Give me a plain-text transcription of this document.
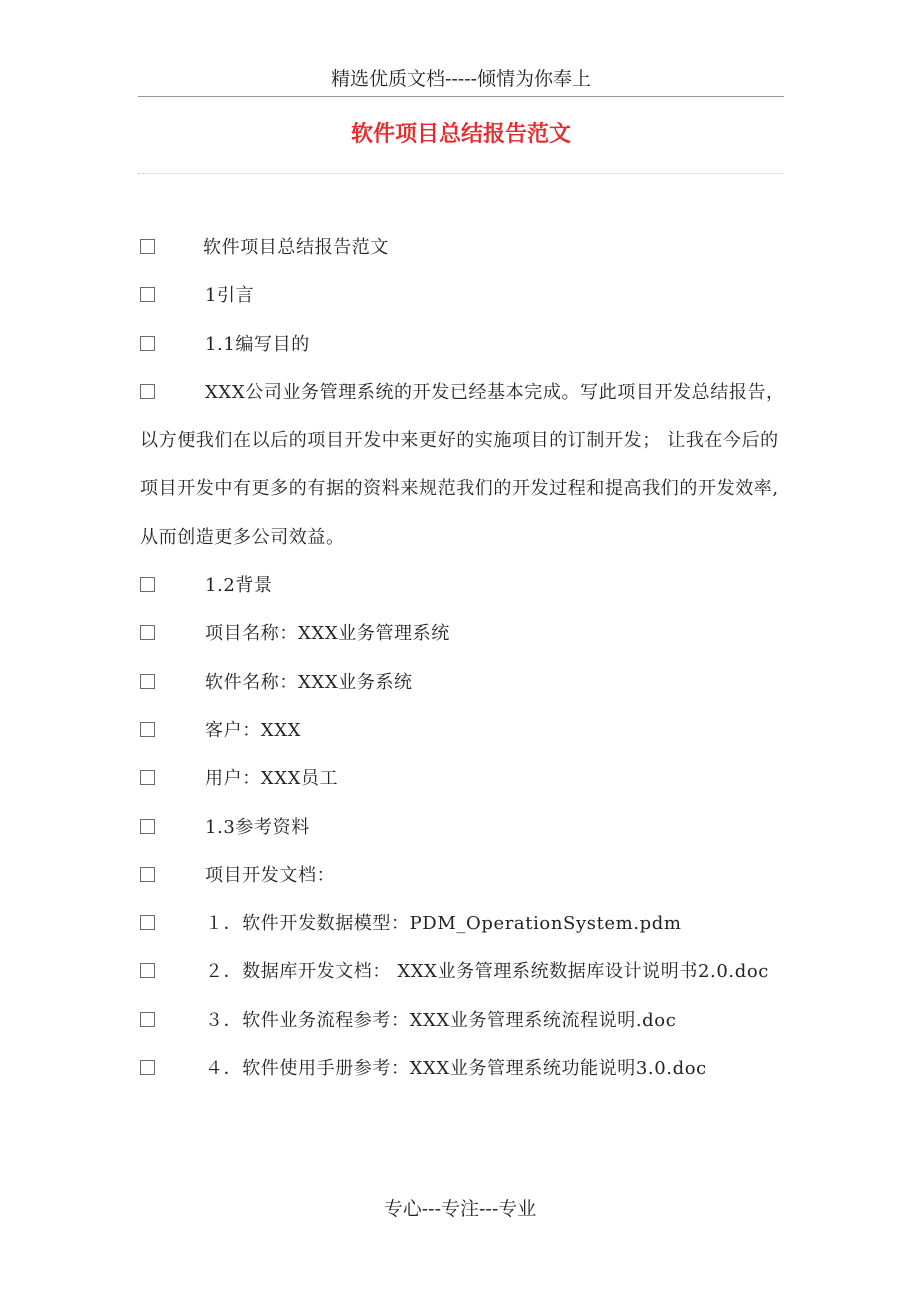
精选优质文档-----倾情为你奉上
软件项目总结报告范文

软件项目总结报告范文

1引言

1.1编写目的

XXX公司业务管理系统的开发已经基本完成。写此项目开发总结报告，以方便我们在以后的项目开发中来更好的实施项目的订制开发； 让我在今后的项目开发中有更多的有据的资料来规范我们的开发过程和提高我们的开发效率,从而创造更多公司效益。

1.2背景

项目名称：XXX业务管理系统

软件名称：XXX业务系统

客户：XXX

用户：XXX员工

1.3参考资料

项目开发文档：

１．软件开发数据模型：PDM_OperationSystem.pdm

２．数据库开发文档： XXX业务管理系统数据库设计说明书2.0.doc

３．软件业务流程参考：XXX业务管理系统流程说明.doc

４．软件使用手册参考：XXX业务管理系统功能说明3.0.doc

专心---专注---专业
